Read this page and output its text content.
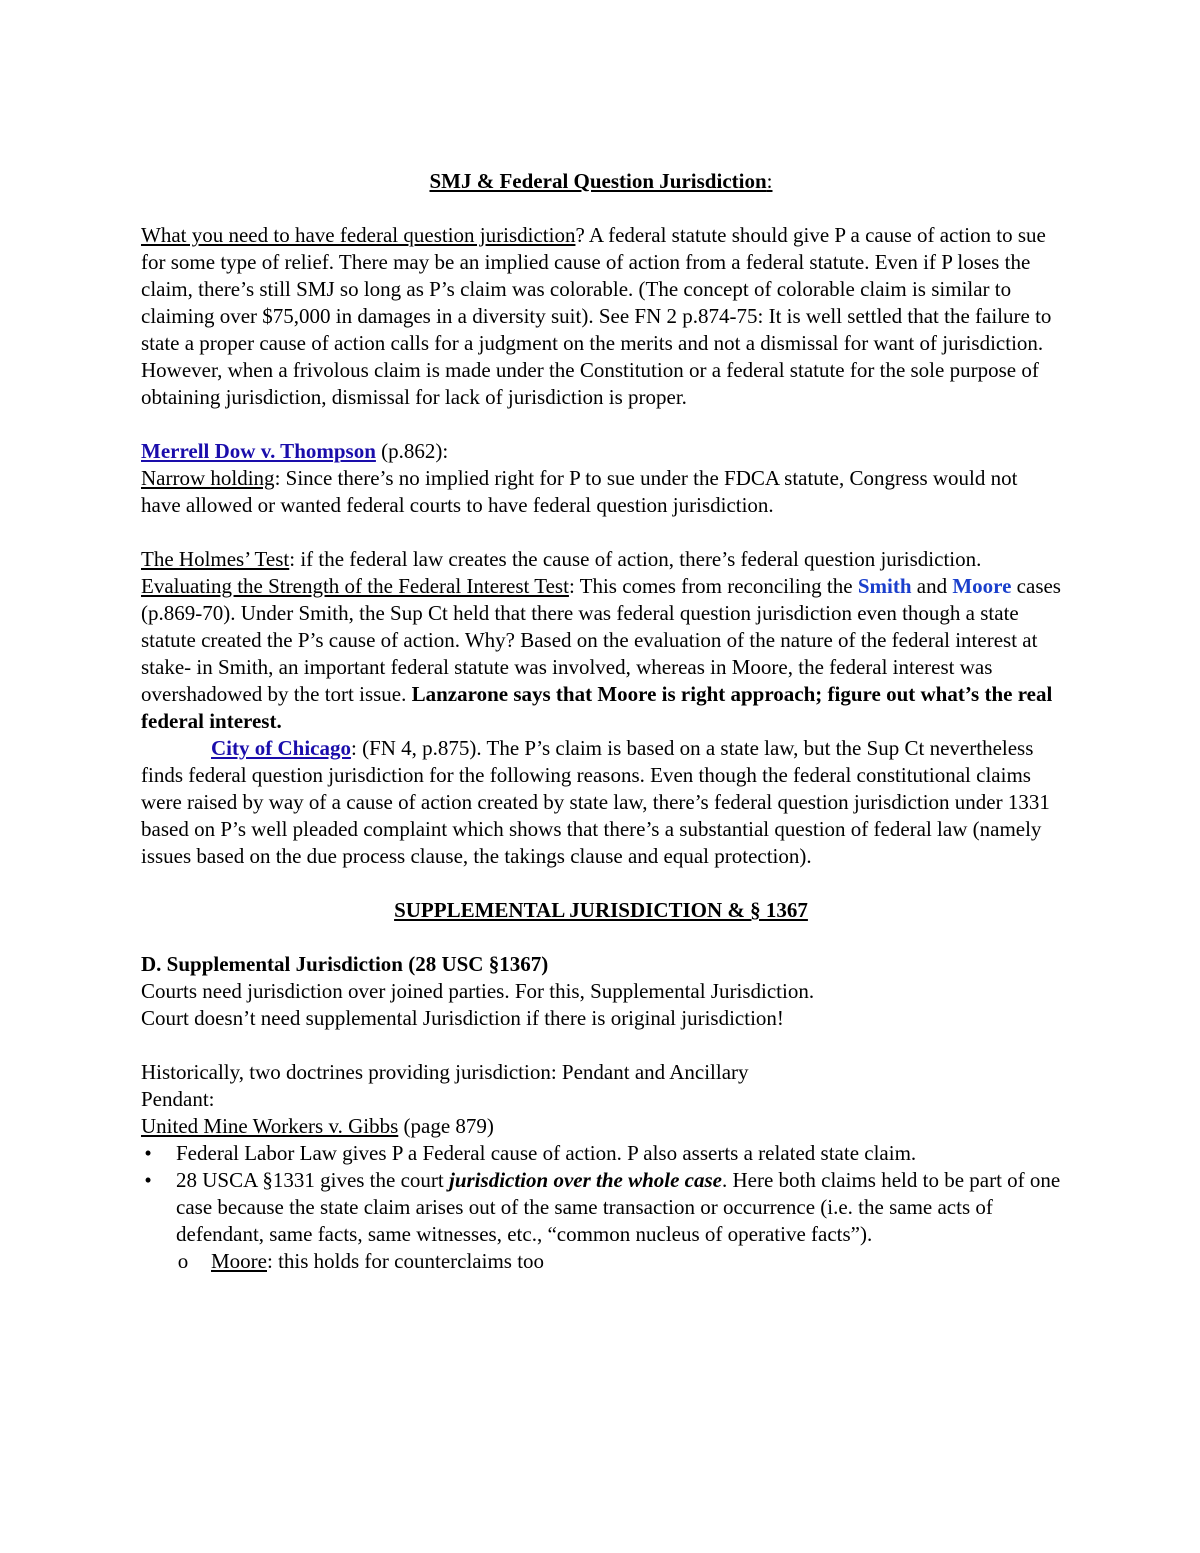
SMJ & Federal Question Jurisdiction:

What you need to have federal question jurisdiction? A federal statute should give P a cause of action to sue for some type of relief. There may be an implied cause of action from a federal statute. Even if P loses the claim, there’s still SMJ so long as P’s claim was colorable. (The concept of colorable claim is similar to claiming over $75,000 in damages in a diversity suit). See FN 2 p.874-75: It is well settled that the failure to state a proper cause of action calls for a judgment on the merits and not a dismissal for want of jurisdiction. However, when a frivolous claim is made under the Constitution or a federal statute for the sole purpose of obtaining jurisdiction, dismissal for lack of jurisdiction is proper.

Merrell Dow v. Thompson (p.862):

Narrow holding: Since there’s no implied right for P to sue under the FDCA statute, Congress would not have allowed or wanted federal courts to have federal question jurisdiction.

The Holmes’ Test: if the federal law creates the cause of action, there’s federal question jurisdiction.

Evaluating the Strength of the Federal Interest Test: This comes from reconciling the Smith and Moore cases (p.869-70). Under Smith, the Sup Ct held that there was federal question jurisdiction even though a state statute created the P’s cause of action. Why? Based on the evaluation of the nature of the federal interest at stake- in Smith, an important federal statute was involved, whereas in Moore, the federal interest was overshadowed by the tort issue. Lanzarone says that Moore is right approach; figure out what’s the real federal interest.

City of Chicago: (FN 4, p.875). The P’s claim is based on a state law, but the Sup Ct nevertheless finds federal question jurisdiction for the following reasons. Even though the federal constitutional claims were raised by way of a cause of action created by state law, there’s federal question jurisdiction under 1331 based on P’s well pleaded complaint which shows that there’s a substantial question of federal law (namely issues based on the due process clause, the takings clause and equal protection).

SUPPLEMENTAL JURISDICTION & § 1367

D. Supplemental Jurisdiction (28 USC §1367)

Courts need jurisdiction over joined parties. For this, Supplemental Jurisdiction.

Court doesn’t need supplemental Jurisdiction if there is original jurisdiction!

Historically, two doctrines providing jurisdiction: Pendant and Ancillary

Pendant:

United Mine Workers v. Gibbs (page 879)

• Federal Labor Law gives P a Federal cause of action. P also asserts a related state claim.
• 28 USCA §1331 gives the court jurisdiction over the whole case. Here both claims held to be part of one case because the state claim arises out of the same transaction or occurrence (i.e. the same acts of defendant, same facts, same witnesses, etc., “common nucleus of operative facts”).
o Moore: this holds for counterclaims too
